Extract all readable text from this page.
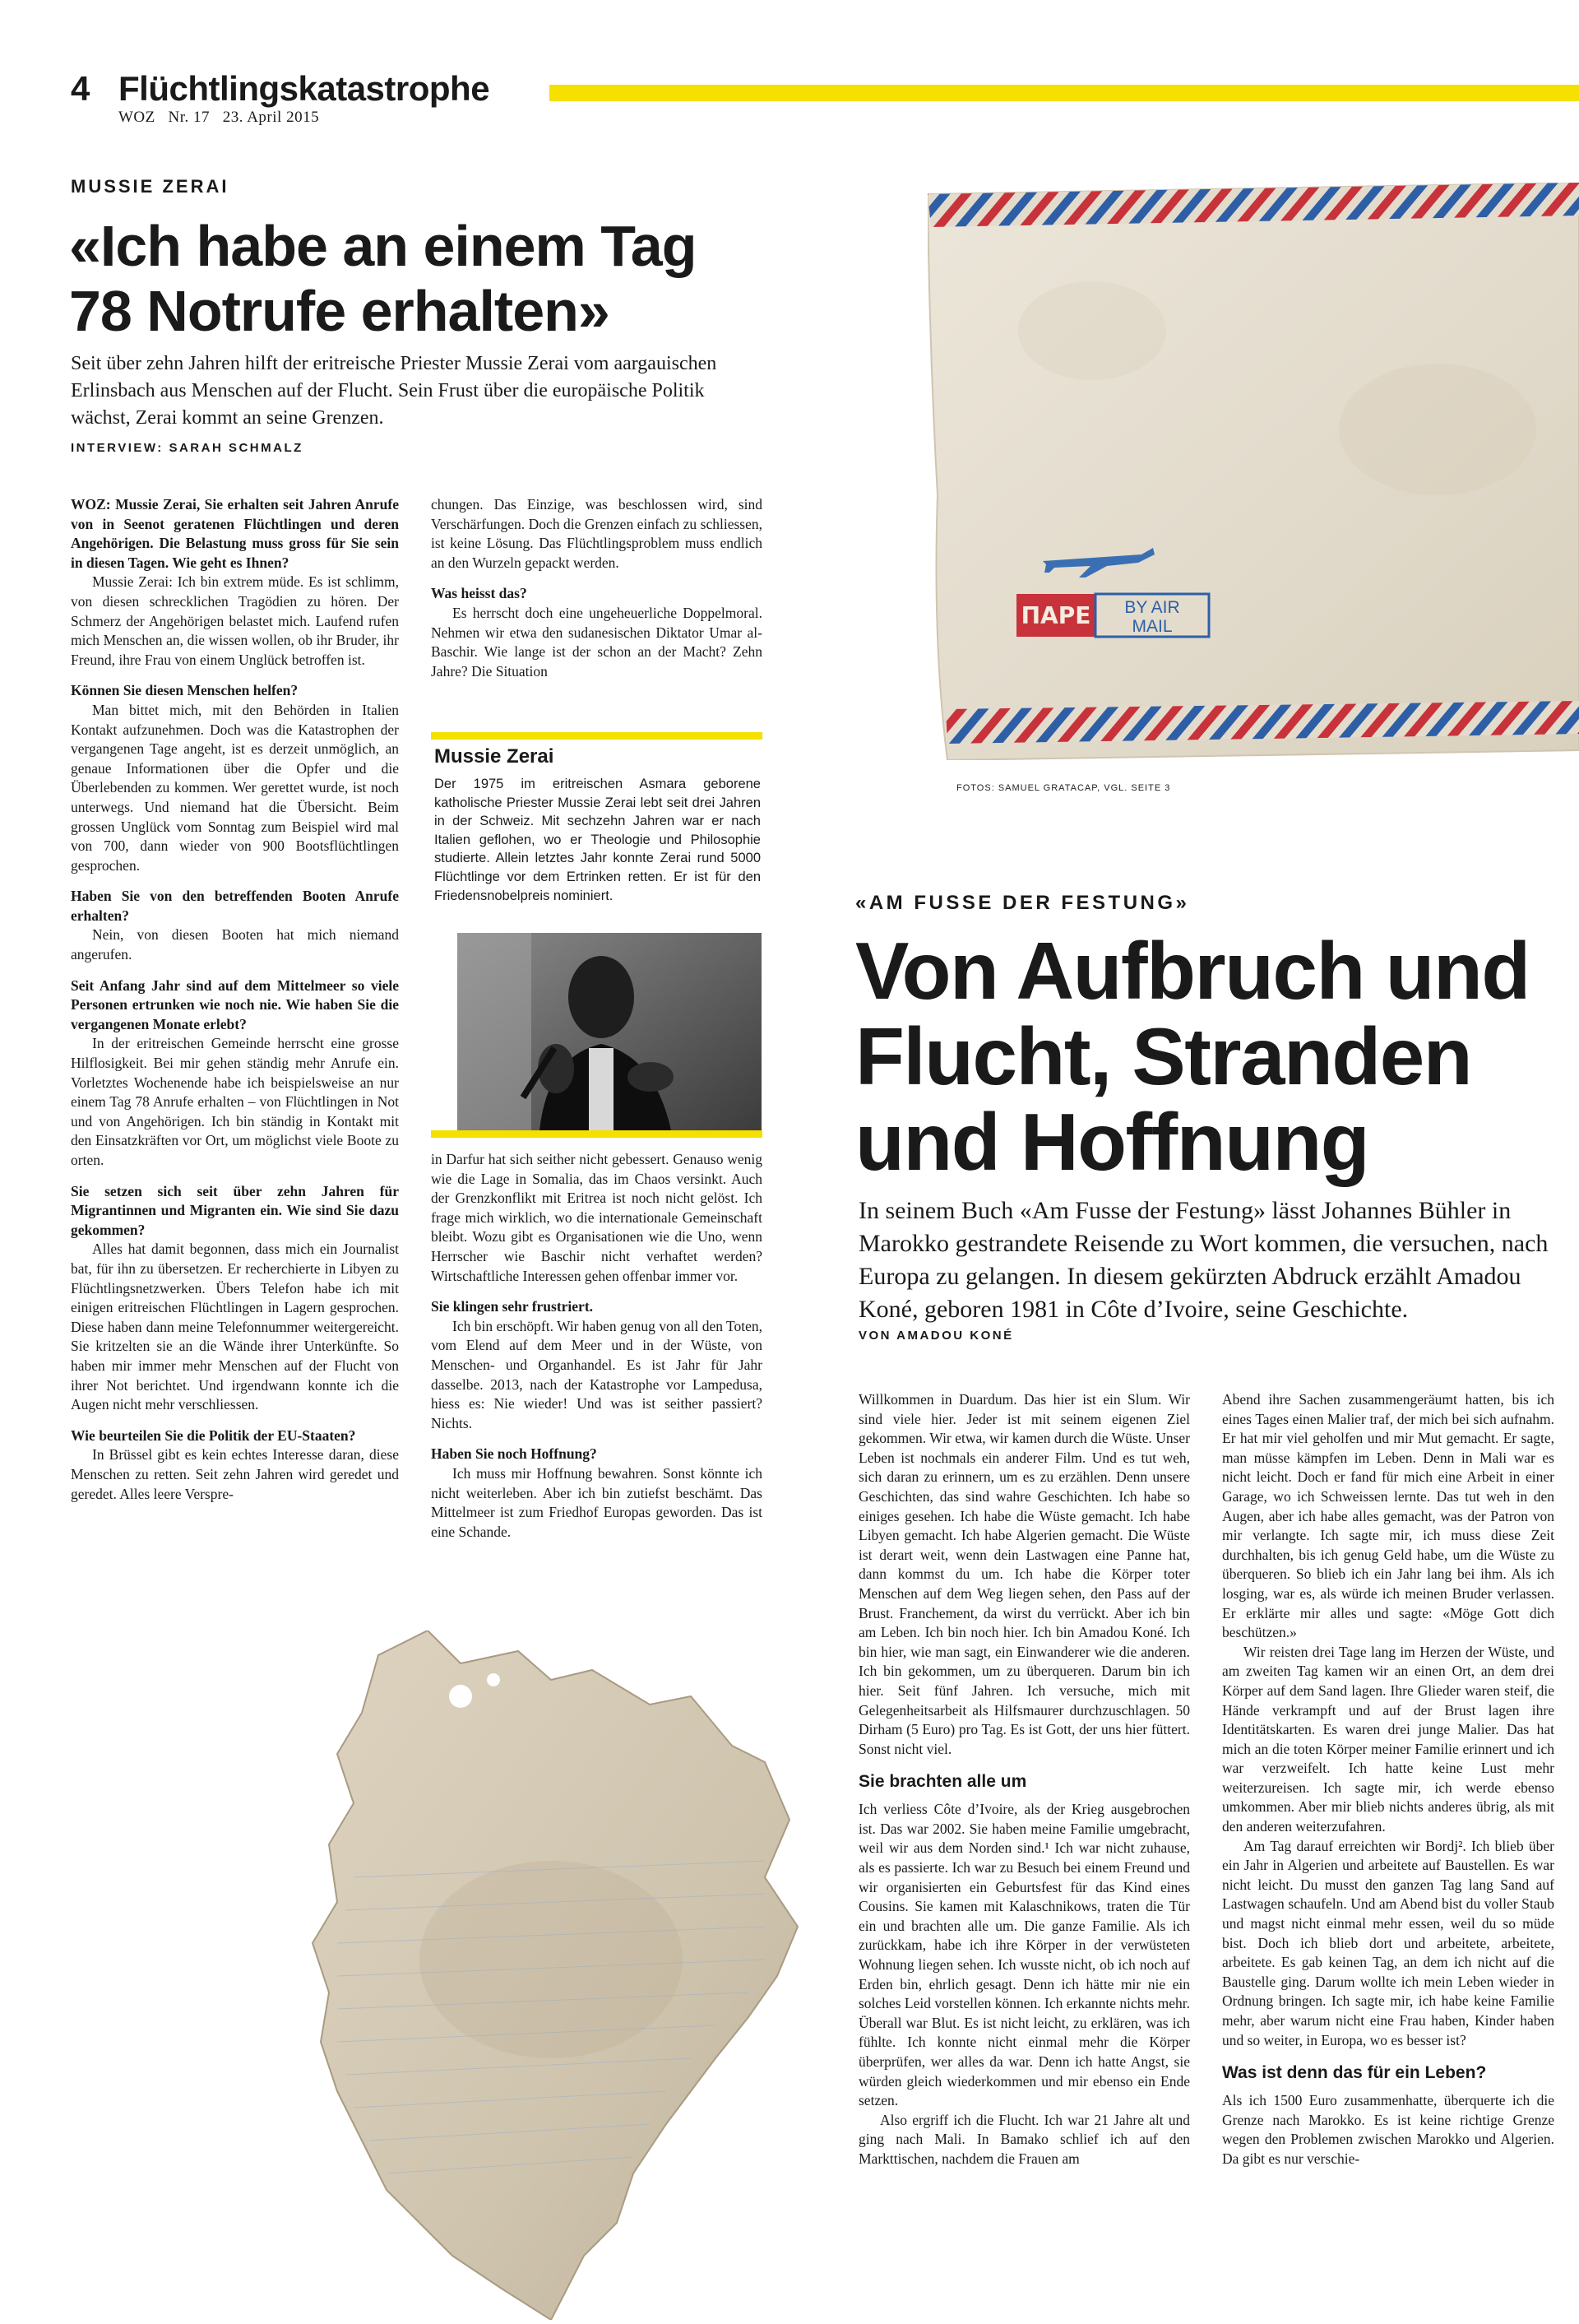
4 Flüchtlingskatastrophe
WOZ   Nr. 17   23. April 2015
MUSSIE ZERAI
«Ich habe an einem Tag 78 Notrufe erhalten»
Seit über zehn Jahren hilft der eritreische Priester Mussie Zerai vom aargauischen Erlinsbach aus Menschen auf der Flucht. Sein Frust über die europäische Politik wächst, Zerai kommt an seine Grenzen.
INTERVIEW: SARAH SCHMALZ

WOZ: Mussie Zerai, Sie erhalten seit Jahren Anrufe von in Seenot geratenen Flüchtlingen und deren Angehörigen. Die Belastung muss gross für Sie sein in diesen Tagen. Wie geht es Ihnen?

Mussie Zerai: Ich bin extrem müde. Es ist schlimm, von diesen schrecklichen Tragödien zu hören. Der Schmerz der Angehörigen belastet mich. Laufend rufen mich Menschen an, die wissen wollen, ob ihr Bruder, ihr Freund, ihre Frau von einem Unglück betroffen ist.

Können Sie diesen Menschen helfen?

Man bittet mich, mit den Behörden in Italien Kontakt aufzunehmen. Doch was die Katastrophen der vergangenen Tage angeht, ist es derzeit unmöglich, an genaue Informationen über die Opfer und die Überlebenden zu kommen. Wer gerettet wurde, ist noch unterwegs. Und niemand hat die Übersicht. Beim grossen Unglück vom Sonntag zum Beispiel wird mal von 700, dann wieder von 900 Bootsflüchtlingen gesprochen.

Haben Sie von den betreffenden Booten Anrufe erhalten?

Nein, von diesen Booten hat mich niemand angerufen.

Seit Anfang Jahr sind auf dem Mittelmeer so viele Personen ertrunken wie noch nie. Wie haben Sie die vergangenen Monate erlebt?

In der eritreischen Gemeinde herrscht eine grosse Hilflosigkeit. Bei mir gehen ständig mehr Anrufe ein. Vorletztes Wochenende habe ich beispielsweise an nur einem Tag 78 Anrufe erhalten – von Flüchtlingen in Not und von Angehörigen. Ich bin ständig in Kontakt mit den Einsatzkräften vor Ort, um möglichst viele Boote zu orten.

Sie setzen sich seit über zehn Jahren für Migrantinnen und Migranten ein. Wie sind Sie dazu gekommen?

Alles hat damit begonnen, dass mich ein Journalist bat, für ihn zu übersetzen. Er recherchierte in Libyen zu Flüchtlingsnetzwerken. Übers Telefon habe ich mit einigen eritreischen Flüchtlingen in Lagern gesprochen. Diese haben dann meine Telefonnummer weitergereicht. Sie kritzelten sie an die Wände ihrer Unterkünfte. So haben mir immer mehr Menschen auf der Flucht von ihrer Not berichtet. Und irgendwann konnte ich die Augen nicht mehr verschliessen.

Wie beurteilen Sie die Politik der EU-Staaten?

In Brüssel gibt es kein echtes Interesse daran, diese Menschen zu retten. Seit zehn Jahren wird geredet und geredet. Alles leere Verspre-

chungen. Das Einzige, was beschlossen wird, sind Verschärfungen. Doch die Grenzen einfach zu schliessen, ist keine Lösung. Das Flüchtlingsproblem muss endlich an den Wurzeln gepackt werden.

Was heisst das?

Es herrscht doch eine ungeheuerliche Doppelmoral. Nehmen wir etwa den sudanesischen Diktator Umar al-Baschir. Wie lange ist der schon an der Macht? Zehn Jahre? Die Situation

in Darfur hat sich seither nicht gebessert. Genauso wenig wie die Lage in Somalia, das im Chaos versinkt. Auch der Grenzkonflikt mit Eritrea ist noch nicht gelöst. Ich frage mich wirklich, wo die internationale Gemeinschaft bleibt. Wozu gibt es Organisationen wie die Uno, wenn Herrscher wie Baschir nicht verhaftet werden? Wirtschaftliche Interessen gehen offenbar immer vor.

Sie klingen sehr frustriert.

Ich bin erschöpft. Wir haben genug von all den Toten, vom Elend auf dem Meer und in der Wüste, von Menschen- und Organhandel. Es ist Jahr für Jahr dasselbe. 2013, nach der Katastrophe vor Lampedusa, hiess es: Nie wieder! Und was ist seither passiert? Nichts.

Haben Sie noch Hoffnung?

Ich muss mir Hoffnung bewahren. Sonst könnte ich nicht weiterleben. Aber ich bin zutiefst beschämt. Das Mittelmeer ist zum Friedhof Europas geworden. Das ist eine Schande.

Mussie Zerai
Der 1975 im eritreischen Asmara geborene katholische Priester Mussie Zerai lebt seit drei Jahren in der Schweiz. Mit sechzehn Jahren war er nach Italien geflohen, wo er Theologie und Philosophie studierte. Allein letztes Jahr konnte Zerai rund 5000 Flüchtlinge vor dem Ertrinken retten. Er ist für den Friedensnobelpreis nominiert.
ΠΑΡΕ BY AIR
MAIL
FOTOS: SAMUEL GRATACAP, VGL. SEITE 3
«AM FUSSE DER FESTUNG»
Von Aufbruch und
Flucht, Stranden
und Hoffnung
In seinem Buch «Am Fusse der Festung» lässt Johannes Bühler in Marokko gestrandete Reisende zu Wort kommen, die versuchen, nach Europa zu gelangen. In diesem gekürzten Abdruck erzählt Amadou Koné, geboren 1981 in Côte d’Ivoire, seine Geschichte.
VON AMADOU KONÉ

Willkommen in Duardum. Das hier ist ein Slum. Wir sind viele hier. Jeder ist mit seinem eigenen Ziel gekommen. Wir etwa, wir kamen durch die Wüste. Unser Leben ist nochmals ein anderer Film. Und es tut weh, sich daran zu erinnern, um es zu erzählen. Denn unsere Geschichten, das sind wahre Geschichten. Ich habe so einiges gesehen. Ich habe die Wüste gemacht. Ich habe Libyen gemacht. Ich habe Algerien gemacht. Die Wüste ist derart weit, wenn dein Lastwagen eine Panne hat, dann kommst du um. Ich habe die Körper toter Menschen auf dem Weg liegen sehen, den Pass auf der Brust. Franchement, da wirst du verrückt. Aber ich bin am Leben. Ich bin noch hier. Ich bin Amadou Koné. Ich bin hier, wie man sagt, ein Einwanderer wie die anderen. Ich bin gekommen, um zu überqueren. Darum bin ich hier. Seit fünf Jahren. Ich versuche, mich mit Gelegenheitsarbeit als Hilfsmaurer durchzuschlagen. 50 Dirham (5 Euro) pro Tag. Es ist Gott, der uns hier füttert. Sonst nicht viel.

Sie brachten alle um

Ich verliess Côte d’Ivoire, als der Krieg ausgebrochen ist. Das war 2002. Sie haben meine Familie umgebracht, weil wir aus dem Norden sind.¹ Ich war nicht zuhause, als es passierte. Ich war zu Besuch bei einem Freund und wir organisierten ein Geburtsfest für das Kind eines Cousins. Sie kamen mit Kalaschnikows, traten die Tür ein und brachten alle um. Die ganze Familie. Als ich zurückkam, habe ich ihre Körper in der verwüsteten Wohnung liegen sehen. Ich wusste nicht, ob ich noch auf Erden bin, ehrlich gesagt. Denn ich hätte mir nie ein solches Leid vorstellen können. Ich erkannte nichts mehr. Überall war Blut. Es ist nicht leicht, zu erklären, was ich fühlte. Ich konnte nicht einmal mehr die Körper überprüfen, wer alles da war. Denn ich hatte Angst, sie würden gleich wiederkommen und mir ebenso ein Ende setzen.

Also ergriff ich die Flucht. Ich war 21 Jahre alt und ging nach Mali. In Bamako schlief ich auf den Markttischen, nachdem die Frauen am

Abend ihre Sachen zusammengeräumt hatten, bis ich eines Tages einen Malier traf, der mich bei sich aufnahm. Er hat mir viel geholfen und mir Mut gemacht. Er sagte, man müsse kämpfen im Leben. Denn in Mali war es nicht leicht. Doch er fand für mich eine Arbeit in einer Garage, wo ich Schweissen lernte. Das tut weh in den Augen, aber ich habe alles gemacht, was der Patron von mir verlangte. Ich sagte mir, ich muss diese Zeit durchhalten, bis ich genug Geld habe, um die Wüste zu überqueren. So blieb ich ein Jahr lang bei ihm. Als ich losging, war es, als würde ich meinen Bruder verlassen. Er erklärte mir alles und sagte: «Möge Gott dich beschützen.»

Wir reisten drei Tage lang im Herzen der Wüste, und am zweiten Tag kamen wir an einen Ort, an dem drei Körper auf dem Sand lagen. Ihre Glieder waren steif, die Hände verkrampft und auf der Brust lagen ihre Identitätskarten. Es waren drei junge Malier. Das hat mich an die toten Körper meiner Familie erinnert und ich war verzweifelt. Ich hatte keine Lust mehr weiterzureisen. Ich sagte mir, ich werde ebenso umkommen. Aber mir blieb nichts anderes übrig, als mit den anderen weiterzufahren.

Am Tag darauf erreichten wir Bordj². Ich blieb über ein Jahr in Algerien und arbeitete auf Baustellen. Es war nicht leicht. Du musst den ganzen Tag lang Sand auf Lastwagen schaufeln. Und am Abend bist du voller Staub und magst nicht einmal mehr essen, weil du so müde bist. Doch ich blieb dort und arbeitete, arbeitete, arbeitete. Es gab keinen Tag, an dem ich nicht auf die Baustelle ging. Darum wollte ich mein Leben wieder in Ordnung bringen. Ich sagte mir, ich habe keine Familie mehr, aber warum nicht eine Frau haben, Kinder haben und so weiter, in Europa, wo es besser ist?

Was ist denn das für ein Leben?

Als ich 1500 Euro zusammenhatte, überquerte ich die Grenze nach Marokko. Es ist keine richtige Grenze wegen den Problemen zwischen Marokko und Algerien. Da gibt es nur verschie-
